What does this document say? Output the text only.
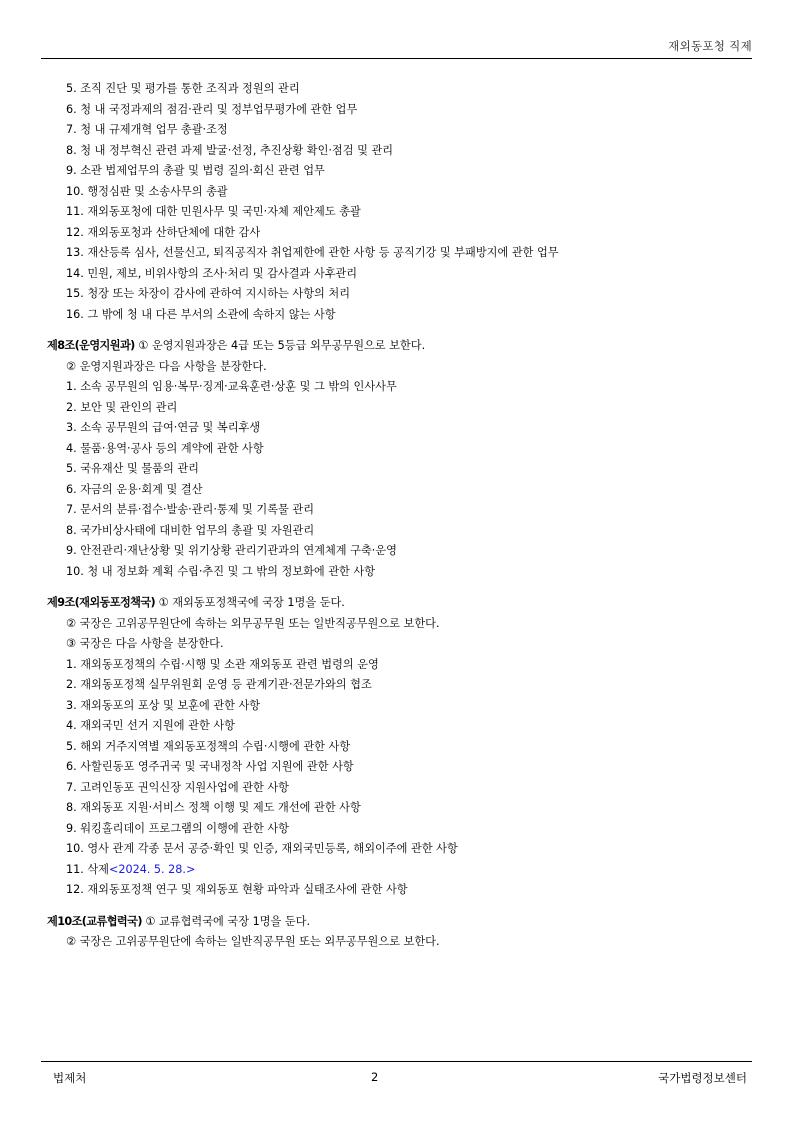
재외동포청 직제
5. 조직 진단 및 평가를 통한 조직과 정원의 관리
6. 청 내 국정과제의 점검·관리 및 정부업무평가에 관한 업무
7. 청 내 규제개혁 업무 총괄·조정
8. 청 내 정부혁신 관련 과제 발굴·선정, 추진상황 확인·점검 및 관리
9. 소관 법제업무의 총괄 및 법령 질의·회신 관련 업무
10. 행정심판 및 소송사무의 총괄
11. 재외동포청에 대한 민원사무 및 국민·자체 제안제도 총괄
12. 재외동포청과 산하단체에 대한 감사
13. 재산등록 심사, 선물신고, 퇴직공직자 취업제한에 관한 사항 등 공직기강 및 부패방지에 관한 업무
14. 민원, 제보, 비위사항의 조사·처리 및 감사결과 사후관리
15. 청장 또는 차장이 감사에 관하여 지시하는 사항의 처리
16. 그 밖에 청 내 다른 부서의 소관에 속하지 않는 사항
제8조(운영지원과) ① 운영지원과장은 4급 또는 5등급 외무공무원으로 보한다.
② 운영지원과장은 다음 사항을 분장한다.
1. 소속 공무원의 임용·복무·징계·교육훈련·상훈 및 그 밖의 인사사무
2. 보안 및 관인의 관리
3. 소속 공무원의 급여·연금 및 복리후생
4. 물품·용역·공사 등의 계약에 관한 사항
5. 국유재산 및 물품의 관리
6. 자금의 운용·회계 및 결산
7. 문서의 분류·접수·발송·관리·통제 및 기록물 관리
8. 국가비상사태에 대비한 업무의 총괄 및 자원관리
9. 안전관리·재난상황 및 위기상황 관리기관과의 연계체계 구축·운영
10. 청 내 정보화 계획 수립·추진 및 그 밖의 정보화에 관한 사항
제9조(재외동포정책국) ① 재외동포정책국에 국장 1명을 둔다.
② 국장은 고위공무원단에 속하는 외무공무원 또는 일반직공무원으로 보한다.
③ 국장은 다음 사항을 분장한다.
1. 재외동포정책의 수립·시행 및 소관 재외동포 관련 법령의 운영
2. 재외동포정책 실무위원회 운영 등 관계기관·전문가와의 협조
3. 재외동포의 포상 및 보훈에 관한 사항
4. 재외국민 선거 지원에 관한 사항
5. 해외 거주지역별 재외동포정책의 수립·시행에 관한 사항
6. 사할린동포 영주귀국 및 국내정착 사업 지원에 관한 사항
7. 고려인동포 권익신장 지원사업에 관한 사항
8. 재외동포 지원·서비스 정책 이행 및 제도 개선에 관한 사항
9. 워킹홀리데이 프로그램의 이행에 관한 사항
10. 영사 관계 각종 문서 공증·확인 및 인증, 재외국민등록, 해외이주에 관한 사항
11. 삭제<2024. 5. 28.>
12. 재외동포정책 연구 및 재외동포 현황 파악과 실태조사에 관한 사항
제10조(교류협력국) ① 교류협력국에 국장 1명을 둔다.
② 국장은 고위공무원단에 속하는 일반직공무원 또는 외무공무원으로 보한다.
법제처	2	국가법령정보센터
